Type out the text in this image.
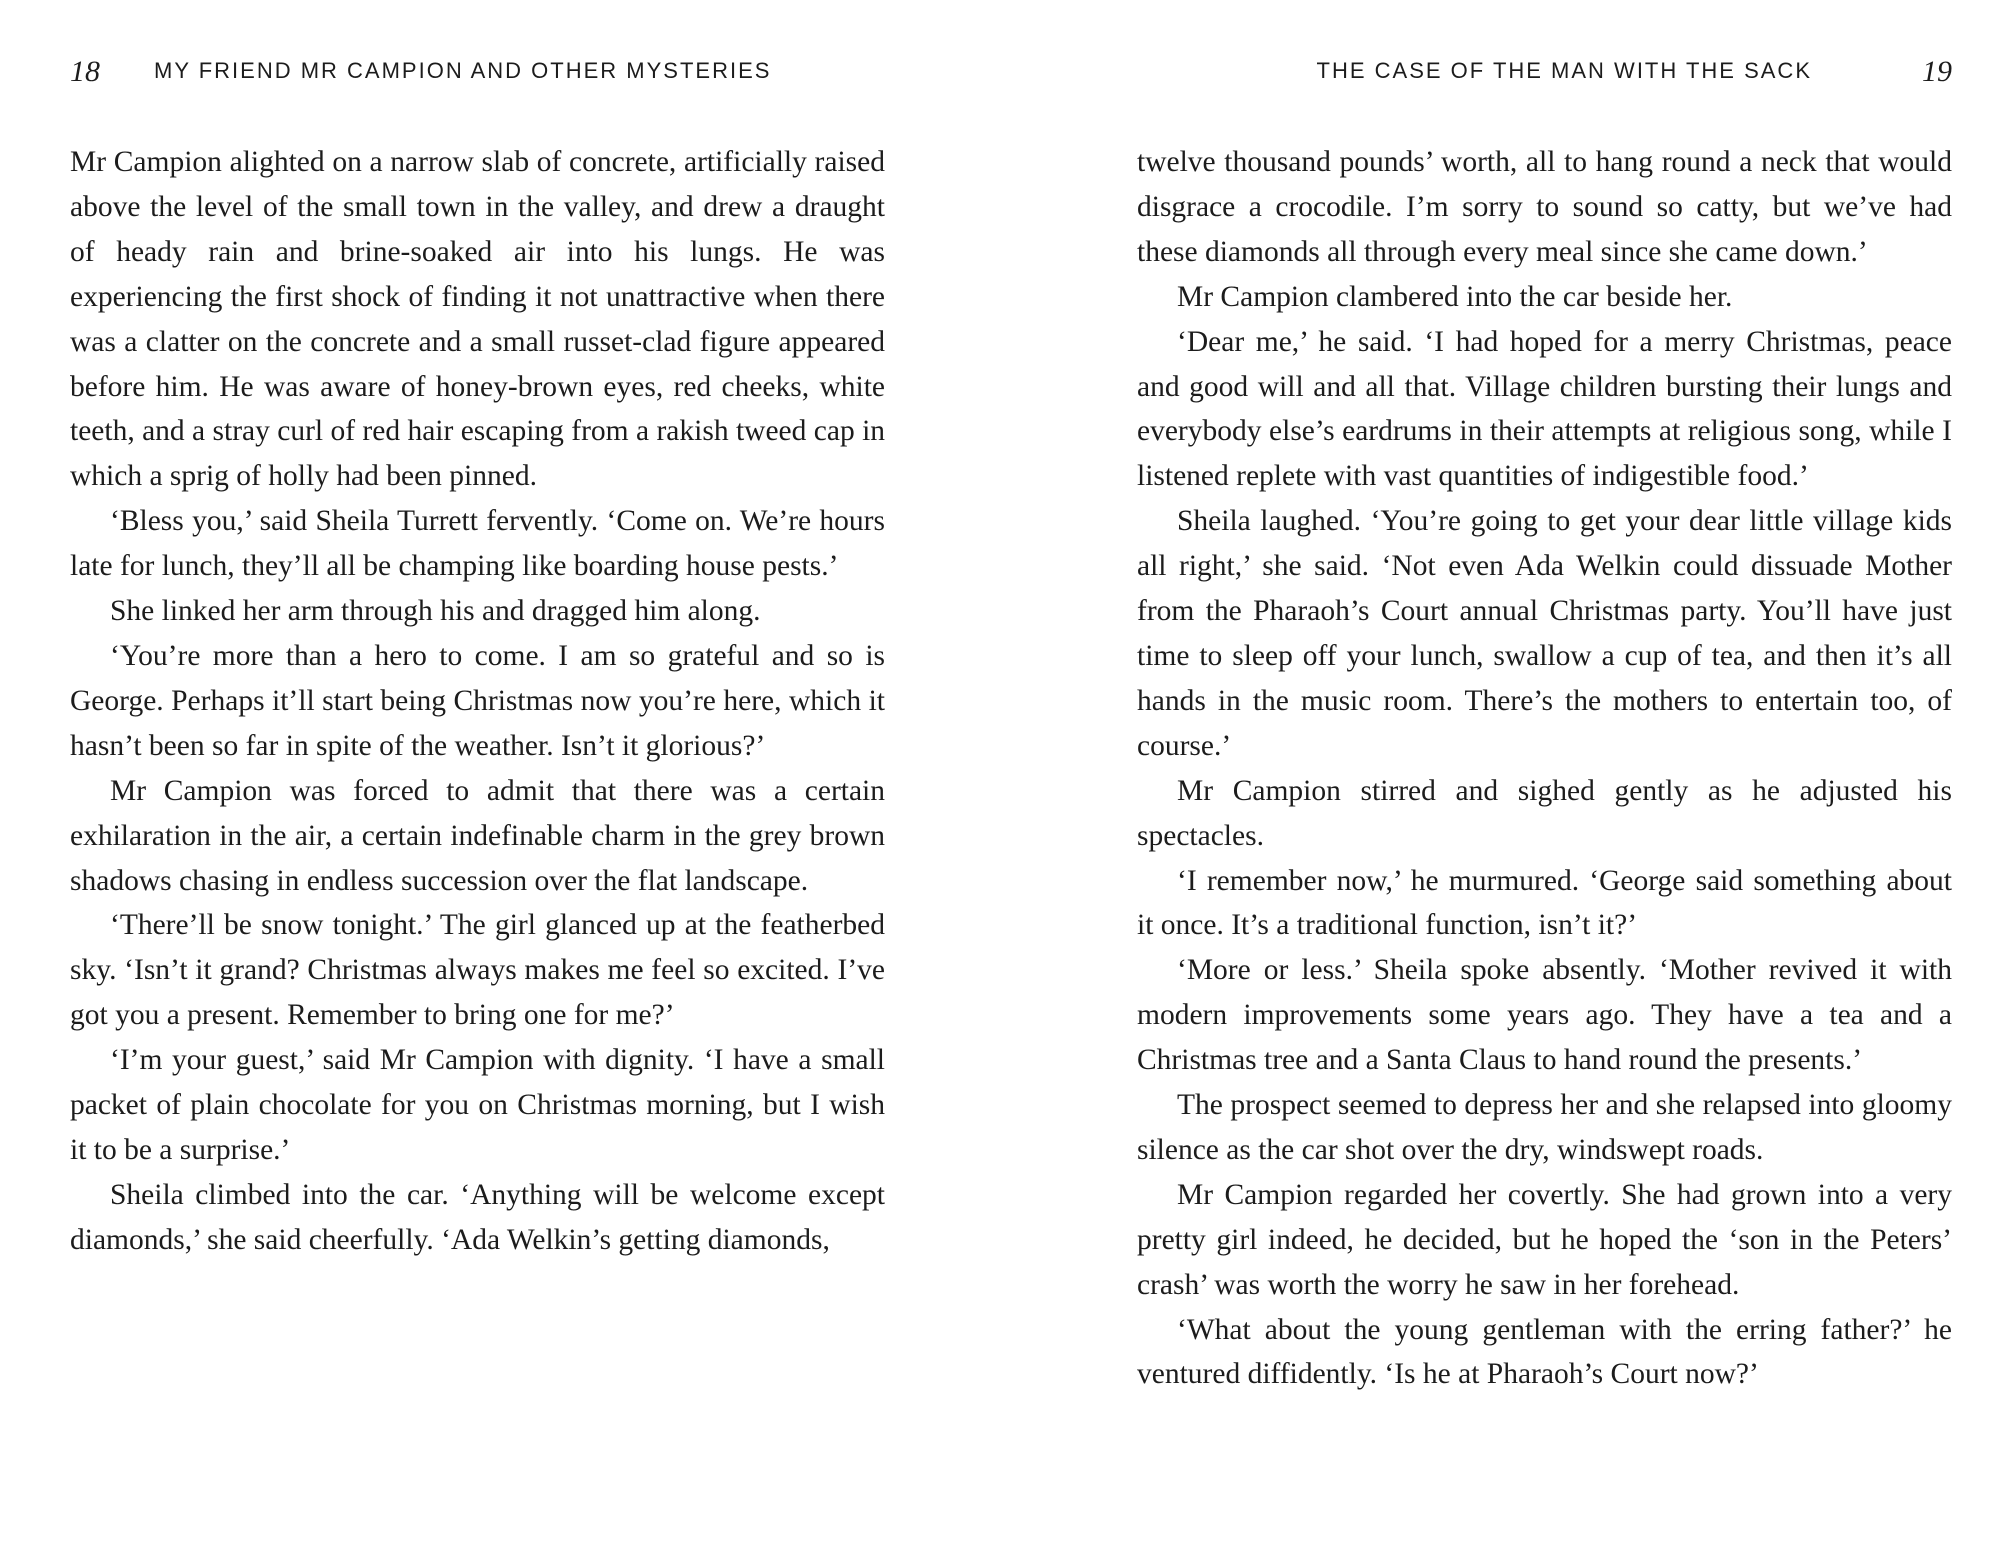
18 MY FRIEND MR CAMPION AND OTHER MYSTERIES

Mr Campion alighted on a narrow slab of concrete, artificially raised above the level of the small town in the valley, and drew a draught of heady rain and brine-soaked air into his lungs. He was experiencing the first shock of finding it not unattractive when there was a clatter on the concrete and a small russet-clad figure appeared before him. He was aware of honey-brown eyes, red cheeks, white teeth, and a stray curl of red hair escaping from a rakish tweed cap in which a sprig of holly had been pinned.

‘Bless you,’ said Sheila Turrett fervently. ‘Come on. We’re hours late for lunch, they’ll all be champing like boarding house pests.’

She linked her arm through his and dragged him along.

‘You’re more than a hero to come. I am so grateful and so is George. Perhaps it’ll start being Christmas now you’re here, which it hasn’t been so far in spite of the weather. Isn’t it glorious?’

Mr Campion was forced to admit that there was a certain exhilaration in the air, a certain indefinable charm in the grey brown shadows chasing in endless succession over the flat landscape.

‘There’ll be snow tonight.’ The girl glanced up at the featherbed sky. ‘Isn’t it grand? Christmas always makes me feel so excited. I’ve got you a present. Remember to bring one for me?’

‘I’m your guest,’ said Mr Campion with dignity. ‘I have a small packet of plain chocolate for you on Christmas morning, but I wish it to be a surprise.’

Sheila climbed into the car. ‘Anything will be welcome except diamonds,’ she said cheerfully. ‘Ada Welkin’s getting diamonds,

THE CASE OF THE MAN WITH THE SACK	19

twelve thousand pounds’ worth, all to hang round a neck that would disgrace a crocodile. I’m sorry to sound so catty, but we’ve had these diamonds all through every meal since she came down.’

Mr Campion clambered into the car beside her.

‘Dear me,’ he said. ‘I had hoped for a merry Christmas, peace and good will and all that. Village children bursting their lungs and everybody else’s eardrums in their attempts at religious song, while I listened replete with vast quantities of indigestible food.’

Sheila laughed. ‘You’re going to get your dear little village kids all right,’ she said. ‘Not even Ada Welkin could dissuade Mother from the Pharaoh’s Court annual Christmas party. You’ll have just time to sleep off your lunch, swallow a cup of tea, and then it’s all hands in the music room. There’s the mothers to entertain too, of course.’

Mr Campion stirred and sighed gently as he adjusted his spectacles.

‘I remember now,’ he murmured. ‘George said something about it once. It’s a traditional function, isn’t it?’

‘More or less.’ Sheila spoke absently. ‘Mother revived it with modern improvements some years ago. They have a tea and a Christmas tree and a Santa Claus to hand round the presents.’

The prospect seemed to depress her and she relapsed into gloomy silence as the car shot over the dry, windswept roads.

Mr Campion regarded her covertly. She had grown into a very pretty girl indeed, he decided, but he hoped the ‘son in the Peters’ crash’ was worth the worry he saw in her forehead.

‘What about the young gentleman with the erring father?’ he ventured diffidently. ‘Is he at Pharaoh’s Court now?’
